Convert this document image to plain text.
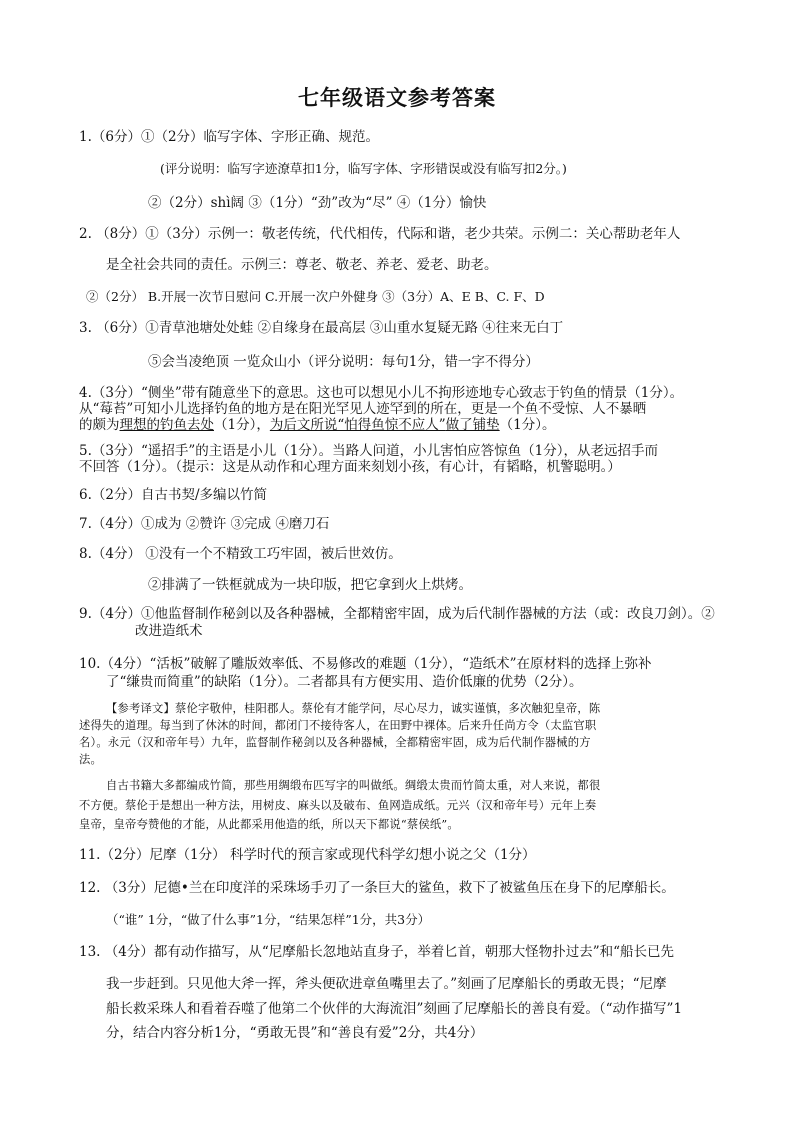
七年级语文参考答案
1.（6分）①（2分）临写字体、字形正确、规范。
(评分说明：临写字迹潦草扣1分，临写字体、字形错误或没有临写扣2分。)
②（2分）shì阔 ③（1分）“劲”改为“尽” ④（1分）愉快
2. （8分）①（3分）示例一：敬老传统，代代相传，代际和谐，老少共荣。示例二：关心帮助老年人
是全社会共同的责任。示例三：尊老、敬老、养老、爱老、助老。
②（2分） B.开展一次节日慰问 C.开展一次户外健身 ③（3分）A、E B、C. F、D
3. （6分）①青草池塘处处蛙 ②自缘身在最高层 ③山重水复疑无路 ④往来无白丁
⑤会当凌绝顶 一览众山小（评分说明：每句1分，错一字不得分）
4.（3分）“侧坐”带有随意坐下的意思。这也可以想见小儿不拘形迹地专心致志于钓鱼的情景（1分）。
从“莓苔”可知小儿选择钓鱼的地方是在阳光罕见人迹罕到的所在，更是一个鱼不受惊、人不暴晒
的颇为理想的钓鱼去处（1分），为后文所说“怕得鱼惊不应人”做了铺垫（1分）。
5.（3分）“遥招手”的主语是小儿（1分）。当路人问道，小儿害怕应答惊鱼（1分），从老远招手而
不回答（1分）。（提示：这是从动作和心理方面来刻划小孩，有心计，有韬略，机警聪明。）
6.（2分）自古书契/多编以竹简
7.（4分）①成为 ②赞许 ③完成 ④磨刀石
8.（4分） ①没有一个不精致工巧牢固，被后世效仿。
②排满了一铁框就成为一块印版，把它拿到火上烘烤。
9.（4分）①他监督制作秘剑以及各种器械，全都精密牢固，成为后代制作器械的方法（或：改良刀剑）。②
改进造纸术
10.（4分）“活板”破解了雕版效率低、不易修改的难题（1分），“造纸术”在原材料的选择上弥补
了“缣贵而简重”的缺陷（1分）。二者都具有方便实用、造价低廉的优势（2分）。
【参考译文】蔡伦字敬仲，桂阳郡人。蔡伦有才能学问，尽心尽力，诚实谨慎，多次触犯皇帝，陈
述得失的道理。每当到了休沐的时间，都闭门不接待客人，在田野中裸体。后来升任尚方令（太监官职
名）。永元（汉和帝年号）九年，监督制作秘剑以及各种器械，全都精密牢固，成为后代制作器械的方
法。
自古书籍大多都编成竹简，那些用绸缎布匹写字的叫做纸。绸缎太贵而竹简太重，对人来说，都很
不方便。蔡伦于是想出一种方法，用树皮、麻头以及破布、鱼网造成纸。元兴（汉和帝年号）元年上奏
皇帝，皇帝夸赞他的才能，从此都采用他造的纸，所以天下都说“蔡侯纸”。
11.（2分）尼摩（1分） 科学时代的预言家或现代科学幻想小说之父（1分）
12. （3分）尼德•兰在印度洋的采珠场手刃了一条巨大的鲨鱼，救下了被鲨鱼压在身下的尼摩船长。
（“谁” 1分，“做了什么事”1分，“结果怎样”1分，共3分）
13. （4分）都有动作描写，从“尼摩船长忽地站直身子，举着匕首，朝那大怪物扑过去”和“船长已先
我一步赶到。只见他大斧一挥，斧头便砍进章鱼嘴里去了。”刻画了尼摩船长的勇敢无畏；“尼摩
船长救采珠人和看着吞噬了他第二个伙伴的大海流泪”刻画了尼摩船长的善良有爱。（“动作描写”1
分，结合内容分析1分，“勇敢无畏”和“善良有爱”2分，共4分）
